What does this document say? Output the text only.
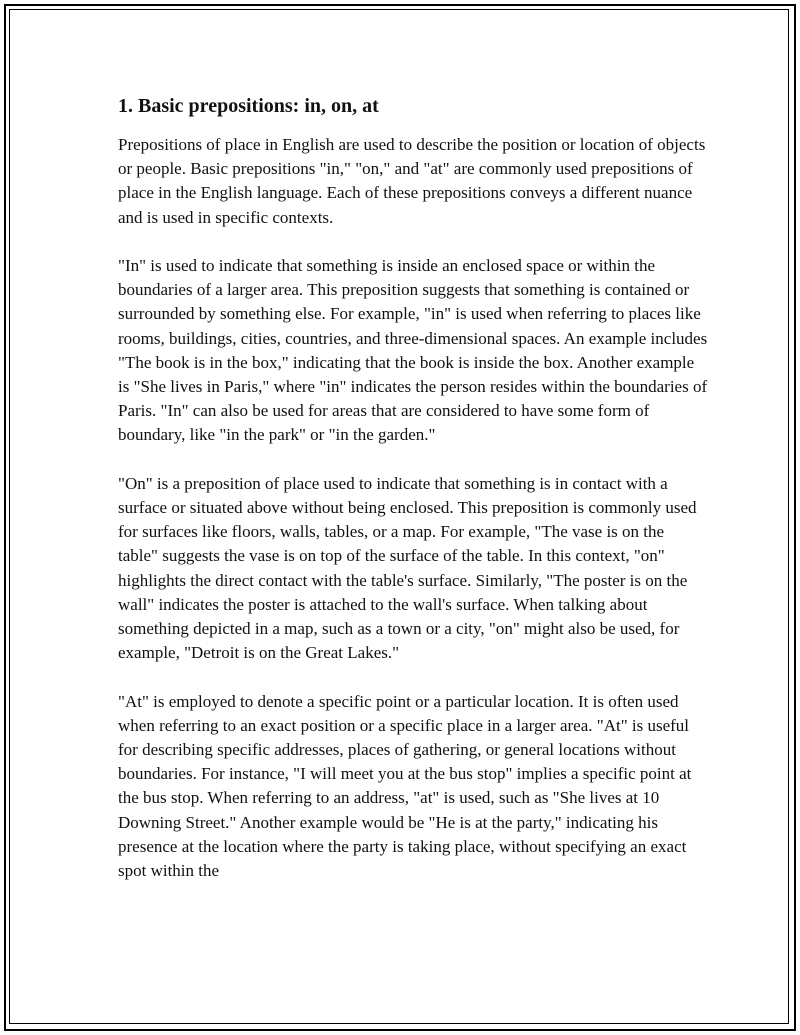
1. Basic prepositions: in, on, at

Prepositions of place in English are used to describe the position or location of objects or people. Basic prepositions "in," "on," and "at" are commonly used prepositions of place in the English language. Each of these prepositions conveys a different nuance and is used in specific contexts.

"In" is used to indicate that something is inside an enclosed space or within the boundaries of a larger area. This preposition suggests that something is contained or surrounded by something else. For example, "in" is used when referring to places like rooms, buildings, cities, countries, and three-dimensional spaces. An example includes "The book is in the box," indicating that the book is inside the box. Another example is "She lives in Paris," where "in" indicates the person resides within the boundaries of Paris. "In" can also be used for areas that are considered to have some form of boundary, like "in the park" or "in the garden."

"On" is a preposition of place used to indicate that something is in contact with a surface or situated above without being enclosed. This preposition is commonly used for surfaces like floors, walls, tables, or a map. For example, "The vase is on the table" suggests the vase is on top of the surface of the table. In this context, "on" highlights the direct contact with the table's surface. Similarly, "The poster is on the wall" indicates the poster is attached to the wall's surface. When talking about something depicted in a map, such as a town or a city, "on" might also be used, for example, "Detroit is on the Great Lakes."

"At" is employed to denote a specific point or a particular location. It is often used when referring to an exact position or a specific place in a larger area. "At" is useful for describing specific addresses, places of gathering, or general locations without boundaries. For instance, "I will meet you at the bus stop" implies a specific point at the bus stop. When referring to an address, "at" is used, such as "She lives at 10 Downing Street." Another example would be "He is at the party," indicating his presence at the location where the party is taking place, without specifying an exact spot within the
